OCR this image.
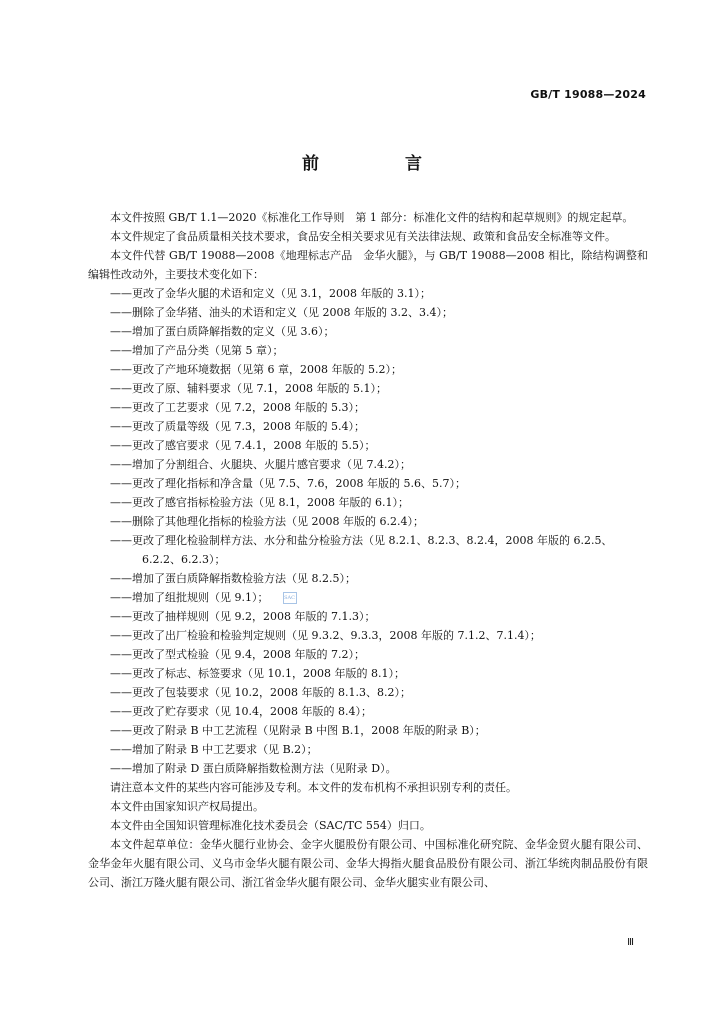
GB/T 19088—2024
前 言

本文件按照 GB/T 1.1—2020《标准化工作导则　第 1 部分：标准化文件的结构和起草规则》的规定起草。

本文件规定了食品质量相关技术要求，食品安全相关要求见有关法律法规、政策和食品安全标准等文件。

本文件代替 GB/T 19088—2008《地理标志产品　金华火腿》，与 GB/T 19088—2008 相比，除结构调整和编辑性改动外，主要技术变化如下：

——更改了金华火腿的术语和定义（见 3.1，2008 年版的 3.1）；

——删除了金华猪、油头的术语和定义（见 2008 年版的 3.2、3.4）；

——增加了蛋白质降解指数的定义（见 3.6）；

——增加了产品分类（见第 5 章）；

——更改了产地环境数据（见第 6 章，2008 年版的 5.2）；

——更改了原、辅料要求（见 7.1，2008 年版的 5.1）；

——更改了工艺要求（见 7.2，2008 年版的 5.3）；

——更改了质量等级（见 7.3，2008 年版的 5.4）；

——更改了感官要求（见 7.4.1，2008 年版的 5.5）；

——增加了分割组合、火腿块、火腿片感官要求（见 7.4.2）；

——更改了理化指标和净含量（见 7.5、7.6，2008 年版的 5.6、5.7）；

——更改了感官指标检验方法（见 8.1，2008 年版的 6.1）；

——删除了其他理化指标的检验方法（见 2008 年版的 6.2.4）；

——更改了理化检验制样方法、水分和盐分检验方法（见 8.2.1、8.2.3、8.2.4，2008 年版的 6.2.5、
6.2.2、6.2.3）；

——增加了蛋白质降解指数检验方法（见 8.2.5）；

——增加了组批规则（见 9.1）；	SAC

——更改了抽样规则（见 9.2，2008 年版的 7.1.3）；

——更改了出厂检验和检验判定规则（见 9.3.2、9.3.3，2008 年版的 7.1.2、7.1.4）；

——更改了型式检验（见 9.4，2008 年版的 7.2）；

——更改了标志、标签要求（见 10.1，2008 年版的 8.1）；

——更改了包装要求（见 10.2，2008 年版的 8.1.3、8.2）；

——更改了贮存要求（见 10.4，2008 年版的 8.4）；

——更改了附录 B 中工艺流程（见附录 B 中图 B.1，2008 年版的附录 B）；

——增加了附录 B 中工艺要求（见 B.2）；

——增加了附录 D 蛋白质降解指数检测方法（见附录 D）。

请注意本文件的某些内容可能涉及专利。本文件的发布机构不承担识别专利的责任。

本文件由国家知识产权局提出。

本文件由全国知识管理标准化技术委员会（SAC/TC 554）归口。

本文件起草单位：金华火腿行业协会、金字火腿股份有限公司、中国标准化研究院、金华金贸火腿有限公司、金华金年火腿有限公司、义乌市金华火腿有限公司、金华大拇指火腿食品股份有限公司、浙江华统肉制品股份有限公司、浙江万隆火腿有限公司、浙江省金华火腿有限公司、金华火腿实业有限公司、

Ⅲ
